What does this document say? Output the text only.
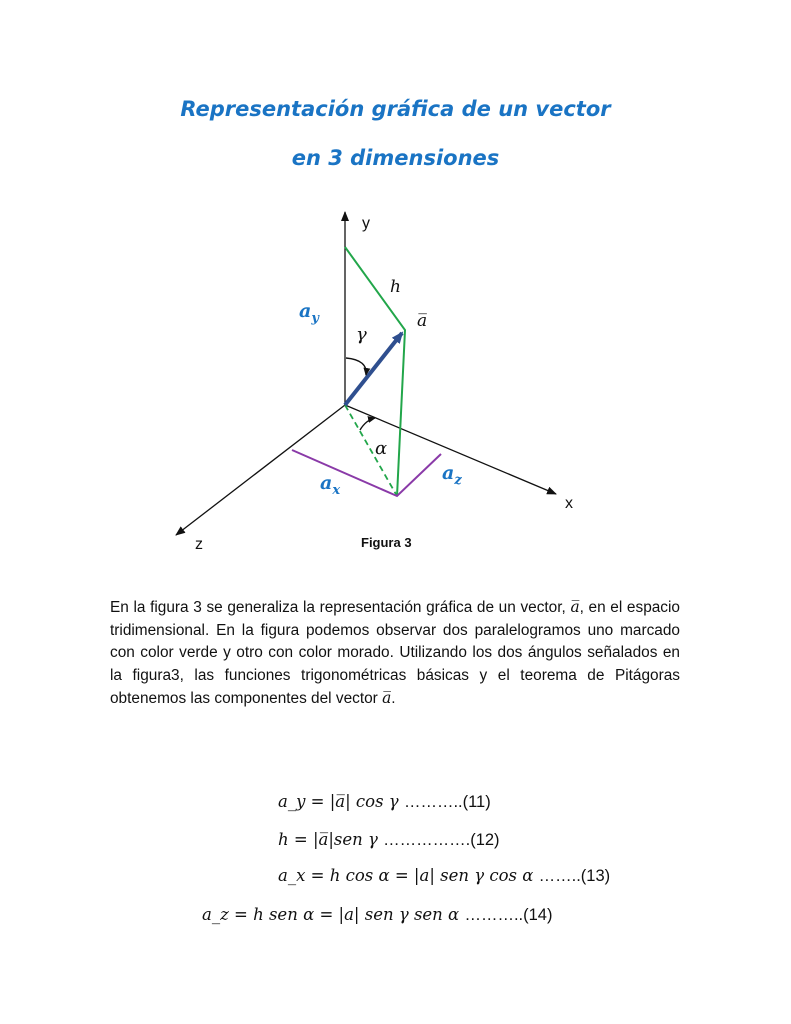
Representación gráfica de un vector
en 3 dimensiones
y
x
z
h
a̅
γ
α
$a_y$
$a_x$
$a_z$
Figura 3

En la figura 3 se generaliza la representación gráfica de un vector, a̅, en el espacio tridimensional. En la figura podemos observar dos paralelogramos uno marcado con color verde y otro con color morado. Utilizando los dos ángulos señalados en la figura3, las funciones trigonométricas básicas y el teorema de Pitágoras obtenemos las componentes del vector a̅.

a_y = |a̅| cos γ ………..(11)
h = |a̅|sen γ …………….(12)
a_x = h cos α = |a| sen γ cos α ……..(13)
a_z = h sen α = |a| sen γ sen α ………..(14)
